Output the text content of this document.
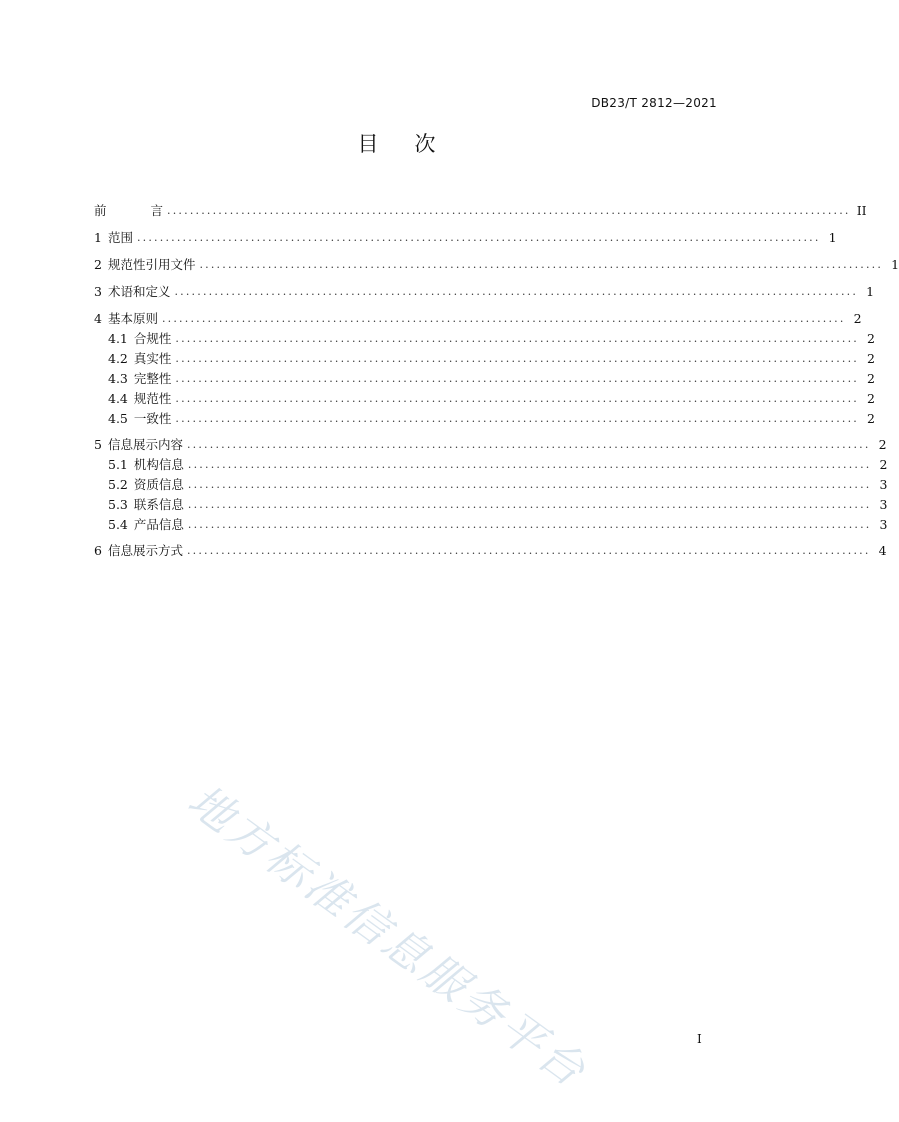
DB23/T 2812—2021
目次
前	言 ........................................................................................................................ II
1 范围 ........................................................................................................................ 1
2 规范性引用文件 ........................................................................................................................ 1
3 术语和定义 ........................................................................................................................ 1
4 基本原则 ........................................................................................................................ 2
4.1 合规性 ........................................................................................................................ 2
4.2 真实性 ........................................................................................................................ 2
4.3 完整性 ........................................................................................................................ 2
4.4 规范性 ........................................................................................................................ 2
4.5 一致性 ........................................................................................................................ 2
5 信息展示内容 ........................................................................................................................ 2
5.1 机构信息 ........................................................................................................................ 2
5.2 资质信息 ........................................................................................................................ 3
5.3 联系信息 ........................................................................................................................ 3
5.4 产品信息 ........................................................................................................................ 3
6 信息展示方式 ........................................................................................................................ 4
地方标准信息服务平台	I
